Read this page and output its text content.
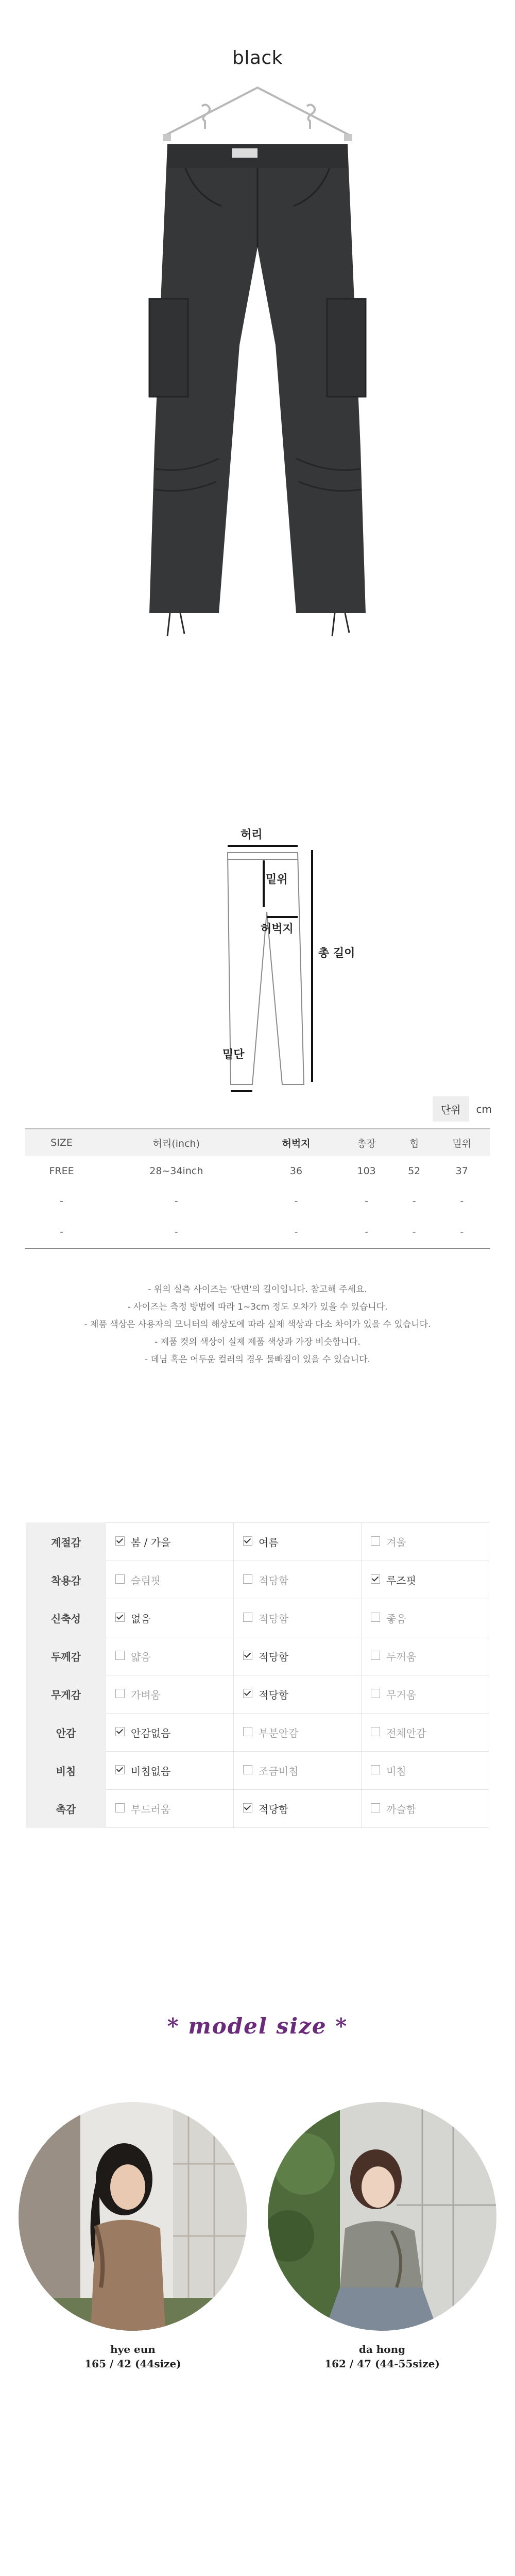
black
허리
밑위
허벅지
총 길이
밑단
단위	cm
SIZE	허리(inch)	허벅지	총장	힙	밑위
FREE	28~34inch	36	103	52	37
-	-	-	-	-	-
-	-	-	-	-	-
- 위의 실측 사이즈는 '단면'의 길이입니다. 참고해 주세요.
- 사이즈는 측정 방법에 따라 1~3cm 정도 오차가 있을 수 있습니다.
- 제품 색상은 사용자의 모니터의 해상도에 따라 실제 색상과 다소 차이가 있을 수 있습니다.
- 제품 컷의 색상이 실제 제품 색상과 가장 비슷합니다.
- 데님 혹은 어두운 컬러의 경우 물빠짐이 있을 수 있습니다.
계절감	봄 / 가을	여름	겨울
착용감	슬림핏	적당함	루즈핏
신축성	없음	적당함	좋음
두께감	얇음	적당함	두꺼움
무게감	가벼움	적당함	무거움
안감	안감없음	부분안감	전체안감
비침	비침없음	조금비침	비침
촉감	부드러움	적당함	까슬함
* model size *
hye eun
165 / 42 (44size)
da hong
162 / 47 (44-55size)
